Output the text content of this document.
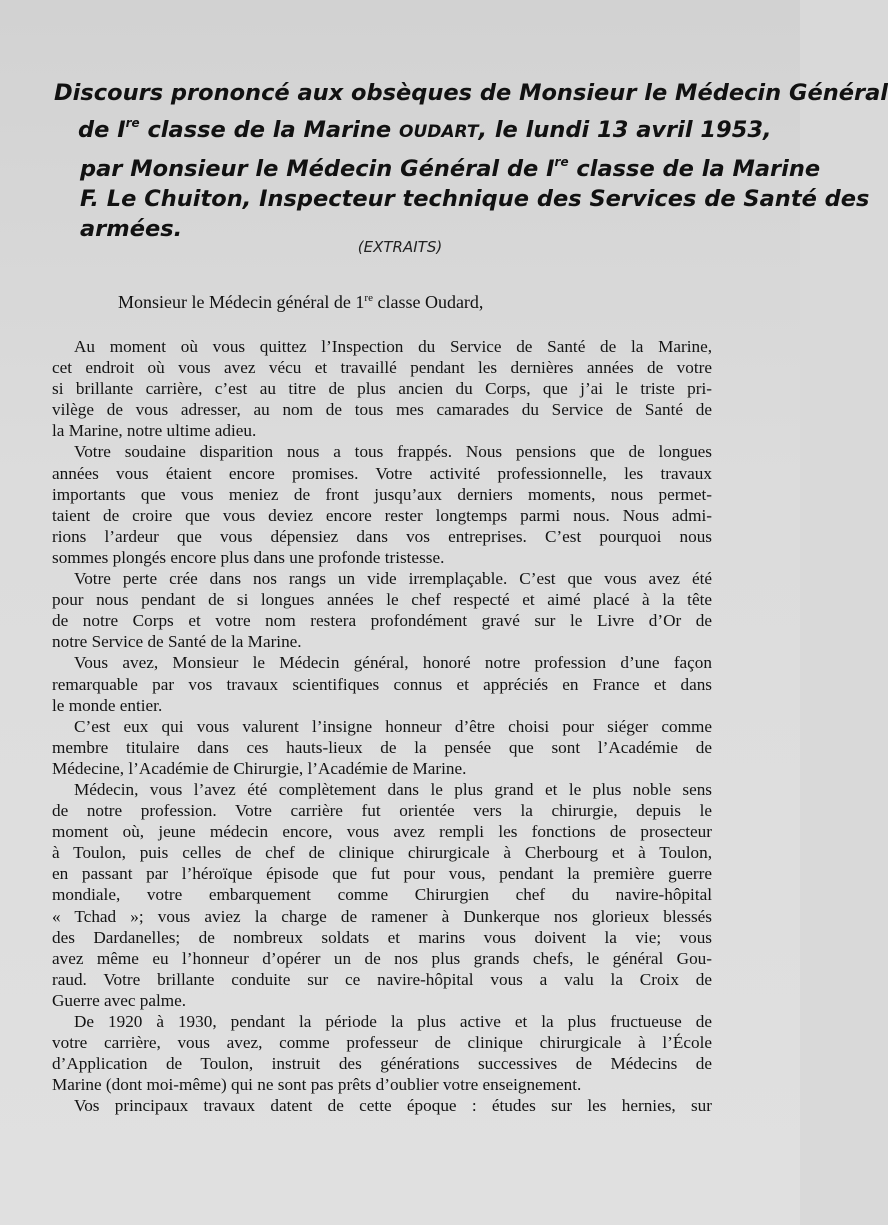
Discours prononcé aux obsèques de Monsieur le Médecin Général
de Ire classe de la Marine OUDART, le lundi 13 avril 1953,
par Monsieur le Médecin Général de Ire classe de la Marine
F. Le Chuiton, Inspecteur technique des Services de Santé des
armées.
(EXTRAITS)
Monsieur le Médecin général de 1re classe Oudard,

Au moment où vous quittez l’Inspection du Service de Santé de la Marine,
cet endroit où vous avez vécu et travaillé pendant les dernières années de votre
si brillante carrière, c’est au titre de plus ancien du Corps, que j’ai le triste pri-
vilège de vous adresser, au nom de tous mes camarades du Service de Santé de
la Marine, notre ultime adieu.

Votre soudaine disparition nous a tous frappés. Nous pensions que de longues
années vous étaient encore promises. Votre activité professionnelle, les travaux
importants que vous meniez de front jusqu’aux derniers moments, nous permet-
taient de croire que vous deviez encore rester longtemps parmi nous. Nous admi-
rions l’ardeur que vous dépensiez dans vos entreprises. C’est pourquoi nous
sommes plongés encore plus dans une profonde tristesse.

Votre perte crée dans nos rangs un vide irremplaçable. C’est que vous avez été
pour nous pendant de si longues années le chef respecté et aimé placé à la tête
de notre Corps et votre nom restera profondément gravé sur le Livre d’Or de
notre Service de Santé de la Marine.

Vous avez, Monsieur le Médecin général, honoré notre profession d’une façon
remarquable par vos travaux scientifiques connus et appréciés en France et dans
le monde entier.

C’est eux qui vous valurent l’insigne honneur d’être choisi pour siéger comme
membre titulaire dans ces hauts-lieux de la pensée que sont l’Académie de
Médecine, l’Académie de Chirurgie, l’Académie de Marine.

Médecin, vous l’avez été complètement dans le plus grand et le plus noble sens
de notre profession. Votre carrière fut orientée vers la chirurgie, depuis le
moment où, jeune médecin encore, vous avez rempli les fonctions de prosecteur
à Toulon, puis celles de chef de clinique chirurgicale à Cherbourg et à Toulon,
en passant par l’héroïque épisode que fut pour vous, pendant la première guerre
mondiale, votre embarquement comme Chirurgien chef du navire-hôpital
« Tchad »; vous aviez la charge de ramener à Dunkerque nos glorieux blessés
des Dardanelles; de nombreux soldats et marins vous doivent la vie; vous
avez même eu l’honneur d’opérer un de nos plus grands chefs, le général Gou-
raud. Votre brillante conduite sur ce navire-hôpital vous a valu la Croix de
Guerre avec palme.

De 1920 à 1930, pendant la période la plus active et la plus fructueuse de
votre carrière, vous avez, comme professeur de clinique chirurgicale à l’École
d’Application de Toulon, instruit des générations successives de Médecins de
Marine (dont moi-même) qui ne sont pas prêts d’oublier votre enseignement.

Vos principaux travaux datent de cette époque : études sur les hernies, sur
